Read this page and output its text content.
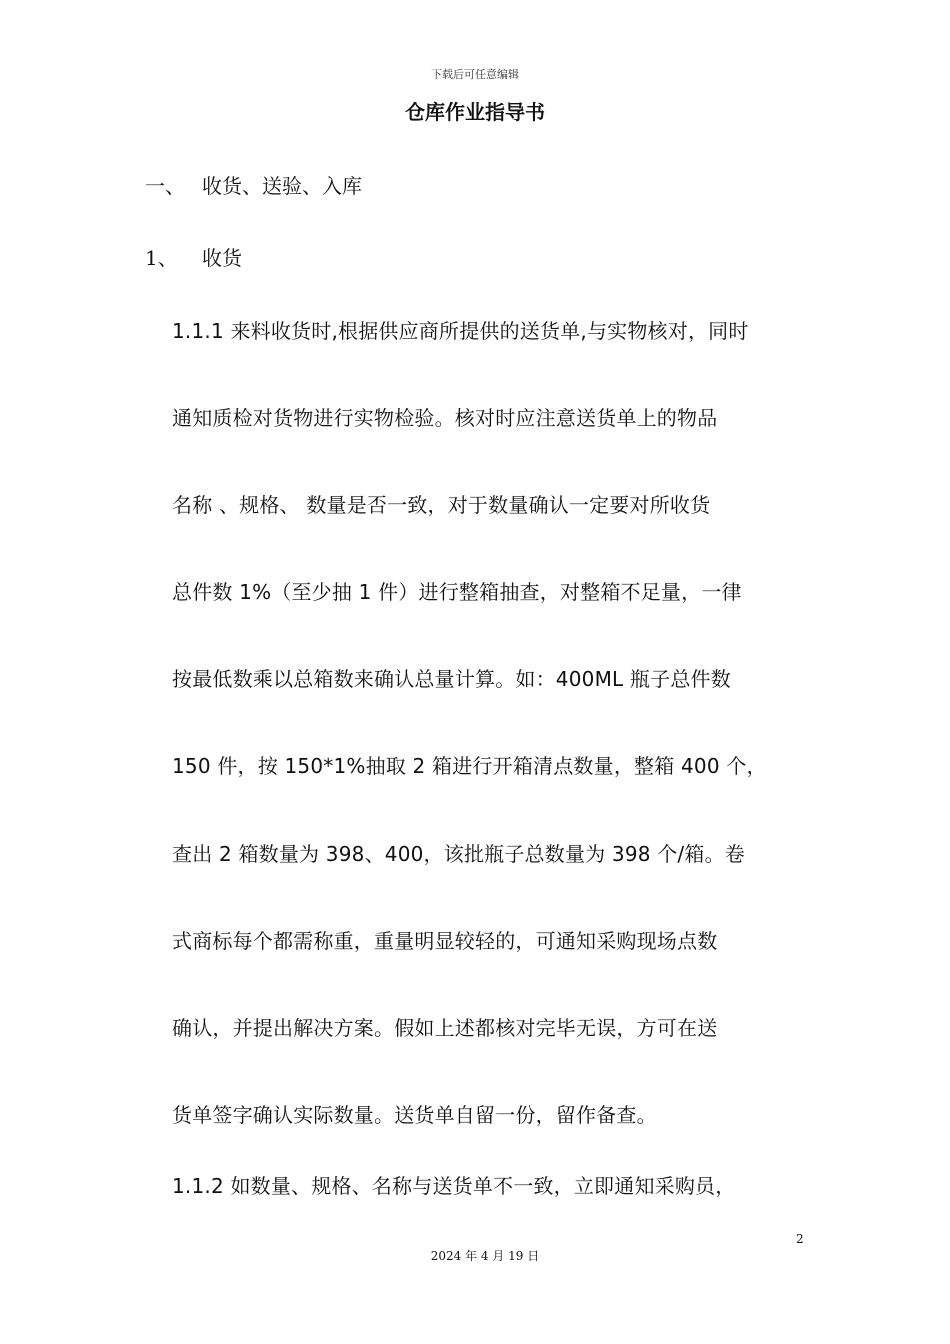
下载后可任意编辑
仓库作业指导书
一、 收货、送验、入库
1、 收货
1.1.1 来料收货时,根据供应商所提供的送货单,与实物核对，同时
通知质检对货物进行实物检验。核对时应注意送货单上的物品
名称 、规格、 数量是否一致，对于数量确认一定要对所收货
总件数 1%（至少抽 1 件）进行整箱抽查，对整箱不足量，一律
按最低数乘以总箱数来确认总量计算。如：400ML 瓶子总件数
150 件，按 150*1%抽取 2 箱进行开箱清点数量，整箱 400 个，
查出 2 箱数量为 398、400，该批瓶子总数量为 398 个/箱。卷
式商标每个都需称重，重量明显较轻的，可通知采购现场点数
确认，并提出解决方案。假如上述都核对完毕无误，方可在送
货单签字确认实际数量。送货单自留一份，留作备查。
1.1.2 如数量、规格、名称与送货单不一致，立即通知采购员，
2
2024 年 4 月 19 日
